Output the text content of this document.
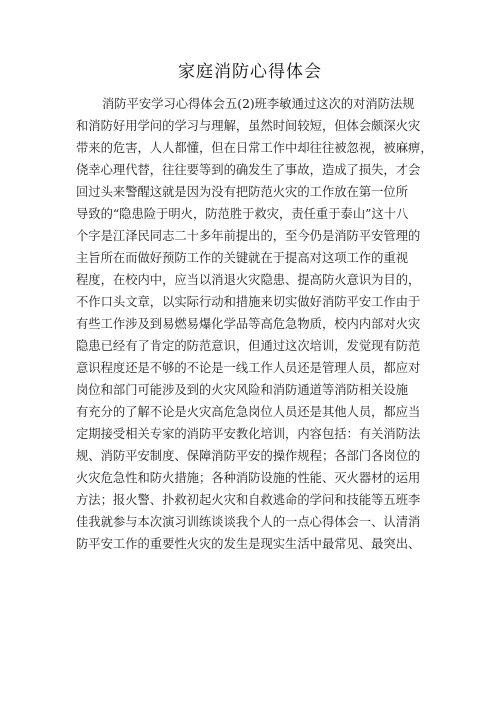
家庭消防心得体会
消防平安学习心得体会五(2)班李敏通过这次的对消防法规
和消防好用学问的学习与理解，虽然时间较短，但体会颇深火灾
带来的危害，人人都懂，但在日常工作中却往往被忽视，被麻痹，
侥幸心理代替，往往要等到的确发生了事故，造成了损失，才会
回过头来警醒这就是因为没有把防范火灾的工作放在第一位所
导致的“隐患险于明火，防范胜于救灾，责任重于泰山”这十八
个字是江泽民同志二十多年前提出的，至今仍是消防平安管理的
主旨所在而做好预防工作的关键就在于提高对这项工作的重视
程度，在校内中，应当以消退火灾隐患、提高防火意识为目的，
不作口头文章，以实际行动和措施来切实做好消防平安工作由于
有些工作涉及到易燃易爆化学品等高危急物质，校内内部对火灾
隐患已经有了肯定的防范意识，但通过这次培训，发觉现有防范
意识程度还是不够的不论是一线工作人员还是管理人员，都应对
岗位和部门可能涉及到的火灾风险和消防通道等消防相关设施
有充分的了解不论是火灾高危急岗位人员还是其他人员，都应当
定期接受相关专家的消防平安教化培训，内容包括：有关消防法
规、消防平安制度、保障消防平安的操作规程；各部门各岗位的
火灾危急性和防火措施；各种消防设施的性能、灭火器材的运用
方法；报火警、扑救初起火灾和自救逃命的学问和技能等五班李
佳我就参与本次演习训练谈谈我个人的一点心得体会一、认清消
防平安工作的重要性火灾的发生是现实生活中最常见、最突出、
